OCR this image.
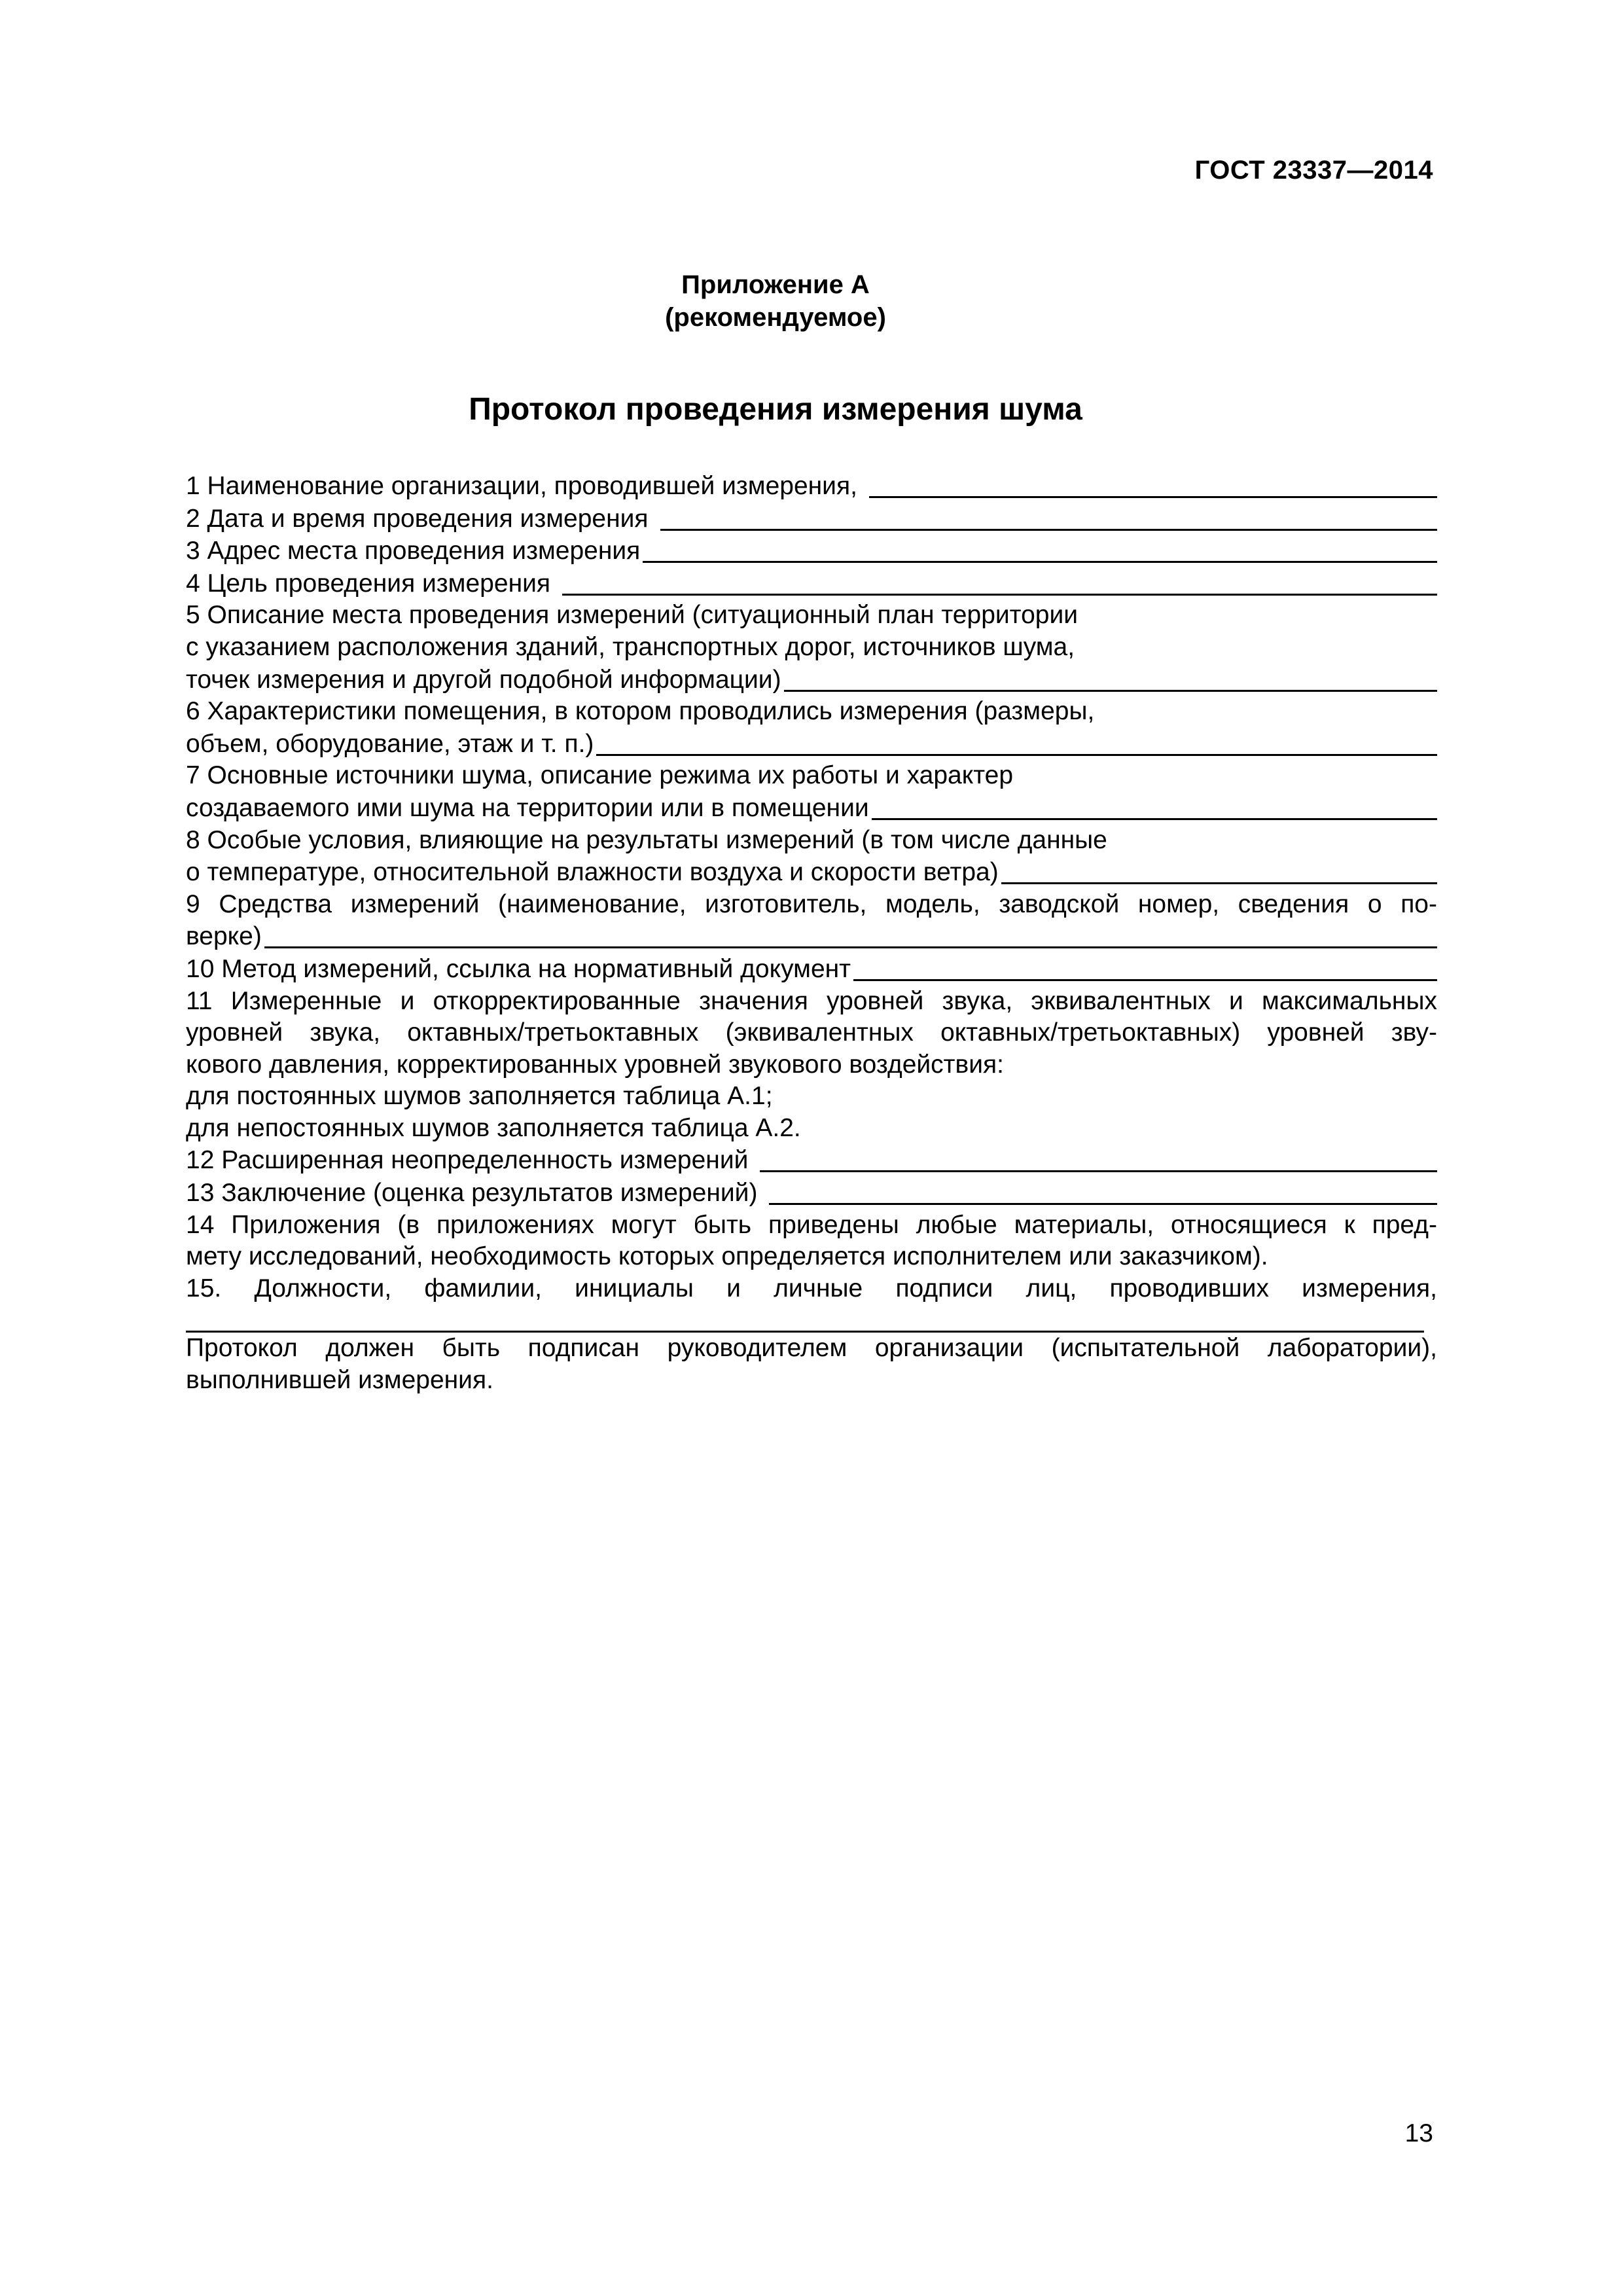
ГОСТ 23337—2014
Приложение А
(рекомендуемое)
Протокол проведения измерения шума
1 Наименование организации, проводившей измерения,
2 Дата и время проведения измерения
3 Адрес места проведения измерения
4 Цель проведения измерения
5 Описание места проведения измерений (ситуационный план территории
с указанием расположения зданий, транспортных дорог, источников шума,
точек измерения и другой подобной информации)
6 Характеристики помещения, в котором проводились измерения (размеры,
объем, оборудование, этаж и т. п.)
7 Основные источники шума, описание режима их работы и характер
создаваемого ими шума на территории или в помещении
8 Особые условия, влияющие на результаты измерений (в том числе данные
о температуре, относительной влажности воздуха и скорости ветра)
9 Средства измерений (наименование, изготовитель, модель, заводской номер, сведения о по-
верке)
10 Метод измерений, ссылка на нормативный документ
11 Измеренные и откорректированные значения уровней звука, эквивалентных и максимальных
уровней звука, октавных/третьоктавных (эквивалентных октавных/третьоктавных) уровней зву-
кового давления, корректированных уровней звукового воздействия:
для постоянных шумов заполняется таблица А.1;
для непостоянных шумов заполняется таблица А.2.
12 Расширенная неопределенность измерений
13 Заключение (оценка результатов измерений)
14 Приложения (в приложениях могут быть приведены любые материалы, относящиеся к пред-
мету исследований, необходимость которых определяется исполнителем или заказчиком).
15. Должности, фамилии, инициалы и личные подписи лиц, проводивших измерения,
Протокол должен быть подписан руководителем организации (испытательной лаборатории), выполнившей измерения.
13
